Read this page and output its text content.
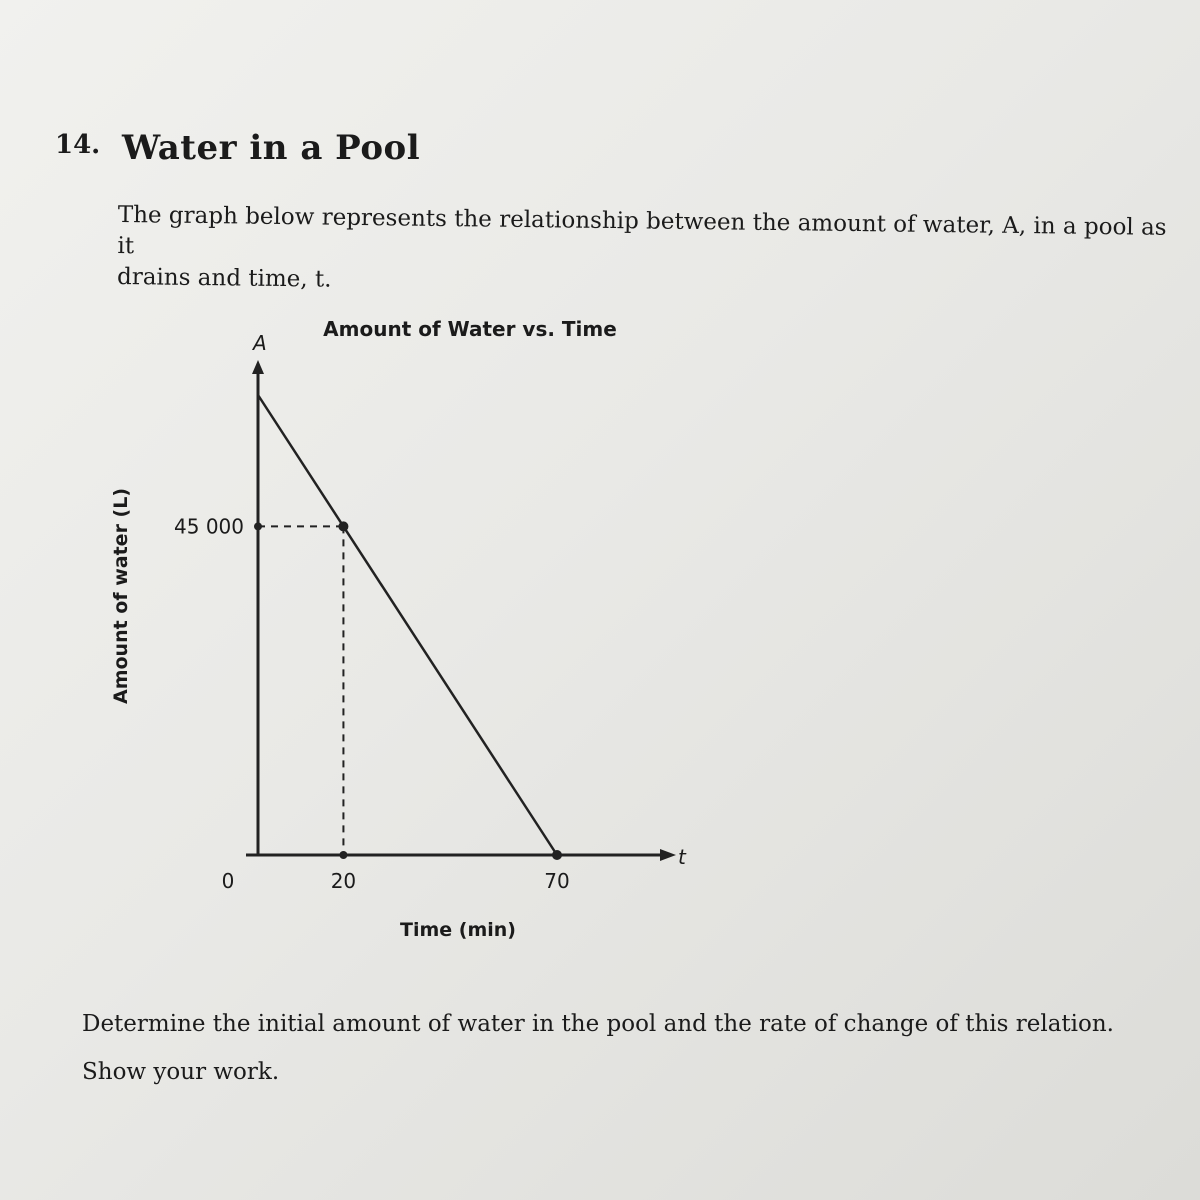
14. Water in a Pool

The graph below represents the relationship between the amount of water, A, in a pool as it

drains and time, t.

Amount of Water vs. Time
Amount of water (L)
Time (min)
A
t
0	20	70
45 000

Determine the initial amount of water in the pool and the rate of change of this relation.

Show your work.
